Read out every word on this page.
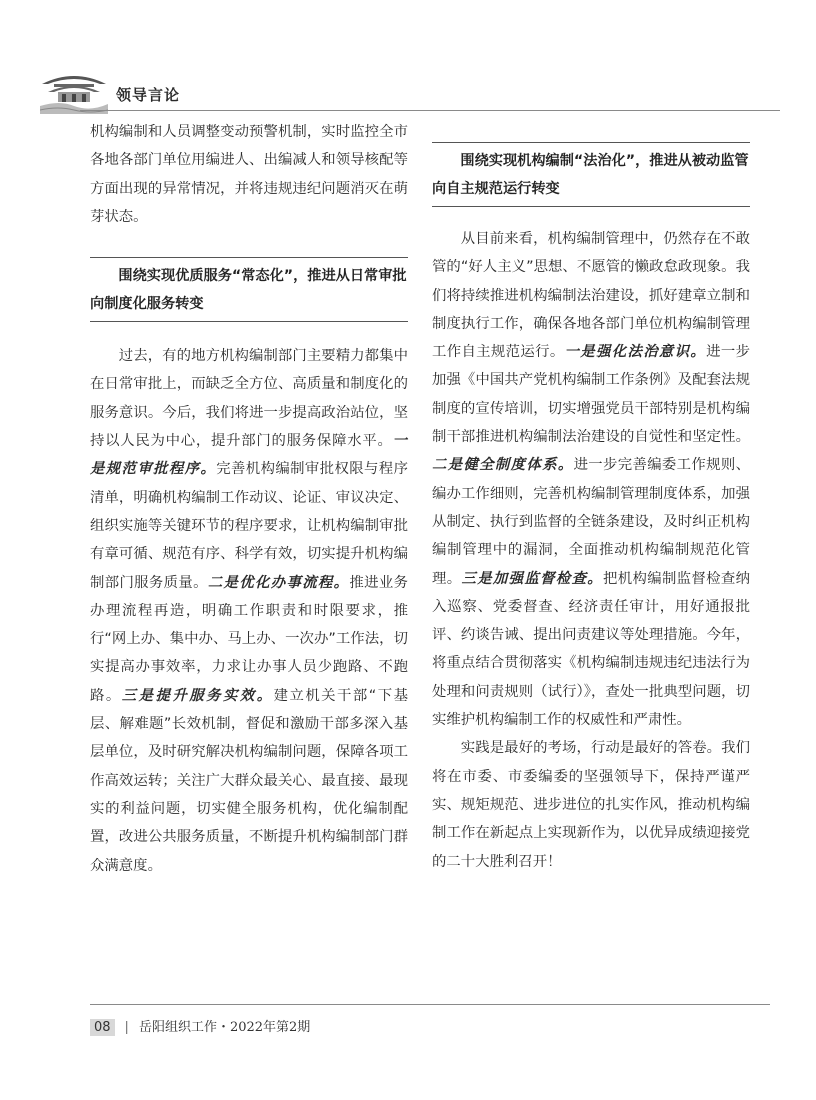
领导言论

机构编制和人员调整变动预警机制，实时监控全市各地各部门单位用编进人、出编减人和领导核配等方面出现的异常情况，并将违规违纪问题消灭在萌芽状态。

围绕实现优质服务“常态化”，推进从日常审批向制度化服务转变

过去，有的地方机构编制部门主要精力都集中在日常审批上，而缺乏全方位、高质量和制度化的服务意识。今后，我们将进一步提高政治站位，坚持以人民为中心，提升部门的服务保障水平。一是规范审批程序。完善机构编制审批权限与程序清单，明确机构编制工作动议、论证、审议决定、组织实施等关键环节的程序要求，让机构编制审批有章可循、规范有序、科学有效，切实提升机构编制部门服务质量。二是优化办事流程。推进业务办理流程再造，明确工作职责和时限要求，推行“网上办、集中办、马上办、一次办”工作法，切实提高办事效率，力求让办事人员少跑路、不跑路。三是提升服务实效。建立机关干部“下基层、解难题”长效机制，督促和激励干部多深入基层单位，及时研究解决机构编制问题，保障各项工作高效运转；关注广大群众最关心、最直接、最现实的利益问题，切实健全服务机构，优化编制配置，改进公共服务质量，不断提升机构编制部门群众满意度。

围绕实现机构编制“法治化”，推进从被动监管向自主规范运行转变

从目前来看，机构编制管理中，仍然存在不敢管的“好人主义”思想、不愿管的懒政怠政现象。我们将持续推进机构编制法治建设，抓好建章立制和制度执行工作，确保各地各部门单位机构编制管理工作自主规范运行。一是强化法治意识。进一步加强《中国共产党机构编制工作条例》及配套法规制度的宣传培训，切实增强党员干部特别是机构编制干部推进机构编制法治建设的自觉性和坚定性。二是健全制度体系。进一步完善编委工作规则、编办工作细则，完善机构编制管理制度体系，加强从制定、执行到监督的全链条建设，及时纠正机构编制管理中的漏洞，全面推动机构编制规范化管理。三是加强监督检查。把机构编制监督检查纳入巡察、党委督查、经济责任审计，用好通报批评、约谈告诫、提出问责建议等处理措施。今年，将重点结合贯彻落实《机构编制违规违纪违法行为处理和问责规则（试行）》，查处一批典型问题，切实维护机构编制工作的权威性和严肃性。

实践是最好的考场，行动是最好的答卷。我们将在市委、市委编委的坚强领导下，保持严谨严实、规矩规范、进步进位的扎实作风，推动机构编制工作在新起点上实现新作为，以优异成绩迎接党的二十大胜利召开！

08 | 岳阳组织工作・2022年第2期
